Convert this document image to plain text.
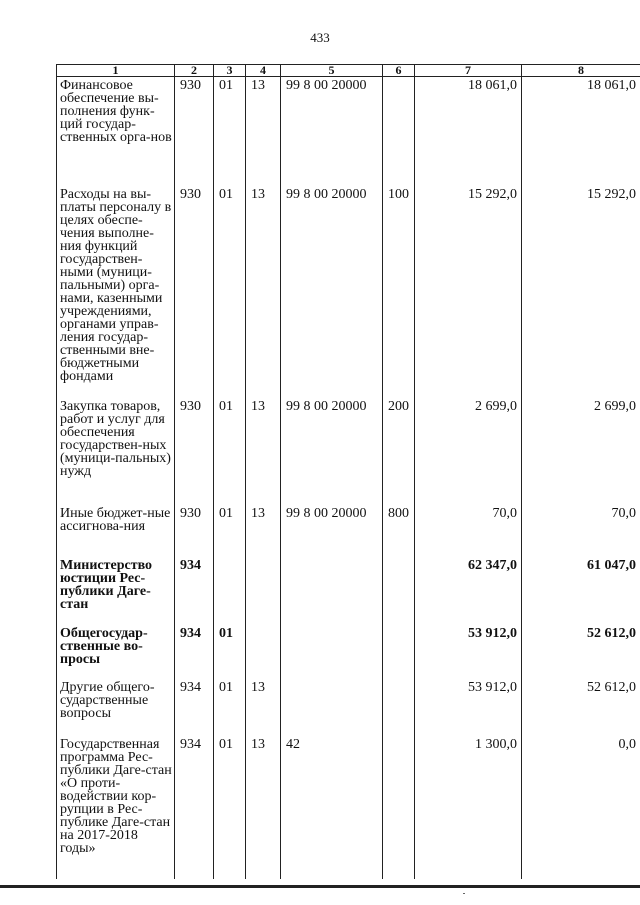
433
1	2	3	4	5	6	7	8
Финансовое обеспечение вы-полнения функ-ций государ-ственных орга-нов	930	01	13	99 8 00 20000		18 061,0	18 061,0
Расходы на вы-платы персоналу в целях обеспе-чения выполне-ния функций государствен-ными (муници-пальными) орга-нами, казенными учреждениями, органами управ-ления государ-ственными вне-бюджетными фондами	930	01	13	99 8 00 20000	100	15 292,0	15 292,0
Закупка товаров, работ и услуг для обеспечения государствен-ных (муници-пальных) нужд	930	01	13	99 8 00 20000	200	2 699,0	2 699,0
Иные бюджет-ные ассигнова-ния	930	01	13	99 8 00 20000	800	70,0	70,0
Министерство юстиции Рес-публики Даге-стан	934					62 347,0	61 047,0
Общегосудар-ственные во-просы	934	01				53 912,0	52 612,0
Другие общего-сударственные вопросы	934	01	13			53 912,0	52 612,0
Государственная программа Рес-публики Даге-стан «О проти-водействии кор-рупции в Рес-публике Даге-стан на 2017-2018 годы»	934	01	13	42		1 300,0	0,0
